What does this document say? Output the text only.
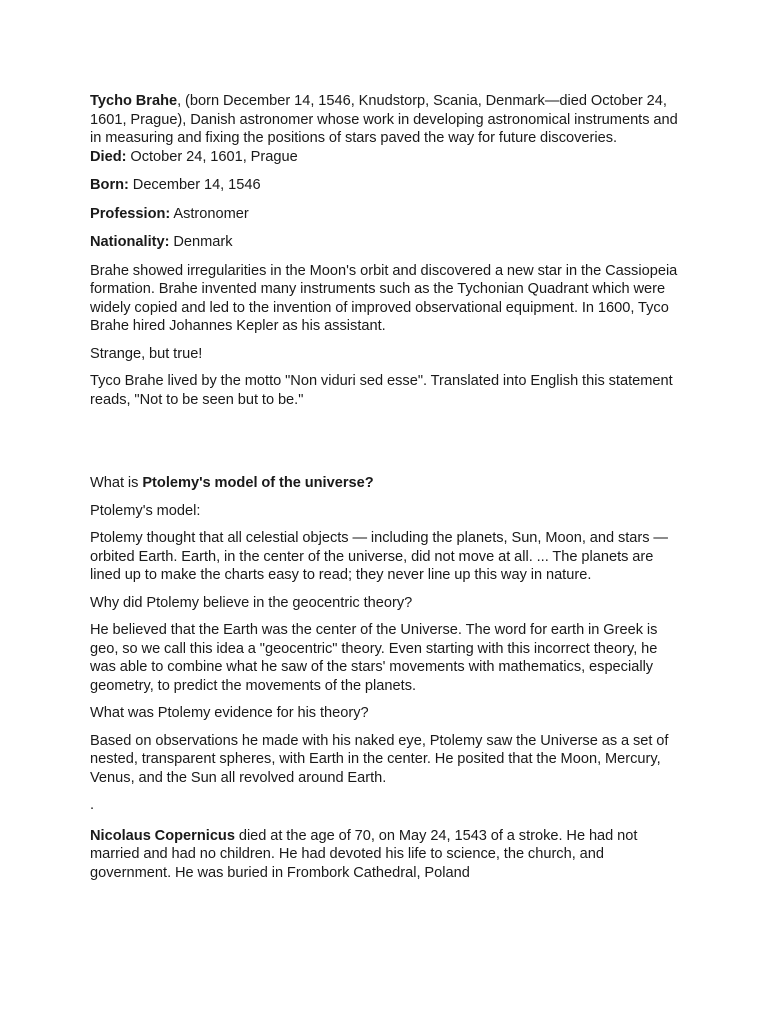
Tycho Brahe, (born December 14, 1546, Knudstorp, Scania, Denmark—died October 24, 1601, Prague), Danish astronomer whose work in developing astronomical instruments and in measuring and fixing the positions of stars paved the way for future discoveries.

Died: October 24, 1601, Prague

Born: December 14, 1546

Profession: Astronomer

Nationality: Denmark

Brahe showed irregularities in the Moon's orbit and discovered a new star in the Cassiopeia formation. Brahe invented many instruments such as the Tychonian Quadrant which were widely copied and led to the invention of improved observational equipment. In 1600, Tyco Brahe hired Johannes Kepler as his assistant.

Strange, but true!

Tyco Brahe lived by the motto "Non viduri sed esse". Translated into English this statement reads, "Not to be seen but to be."

What is Ptolemy's model of the universe?

Ptolemy's model:

Ptolemy thought that all celestial objects — including the planets, Sun, Moon, and stars — orbited Earth. Earth, in the center of the universe, did not move at all. ... The planets are lined up to make the charts easy to read; they never line up this way in nature.

Why did Ptolemy believe in the geocentric theory?

He believed that the Earth was the center of the Universe. The word for earth in Greek is geo, so we call this idea a "geocentric" theory. Even starting with this incorrect theory, he was able to combine what he saw of the stars' movements with mathematics, especially geometry, to predict the movements of the planets.

What was Ptolemy evidence for his theory?

Based on observations he made with his naked eye, Ptolemy saw the Universe as a set of nested, transparent spheres, with Earth in the center. He posited that the Moon, Mercury, Venus, and the Sun all revolved around Earth.

.

Nicolaus Copernicus died at the age of 70, on May 24, 1543 of a stroke. He had not married and had no children. He had devoted his life to science, the church, and government. He was buried in Frombork Cathedral, Poland
